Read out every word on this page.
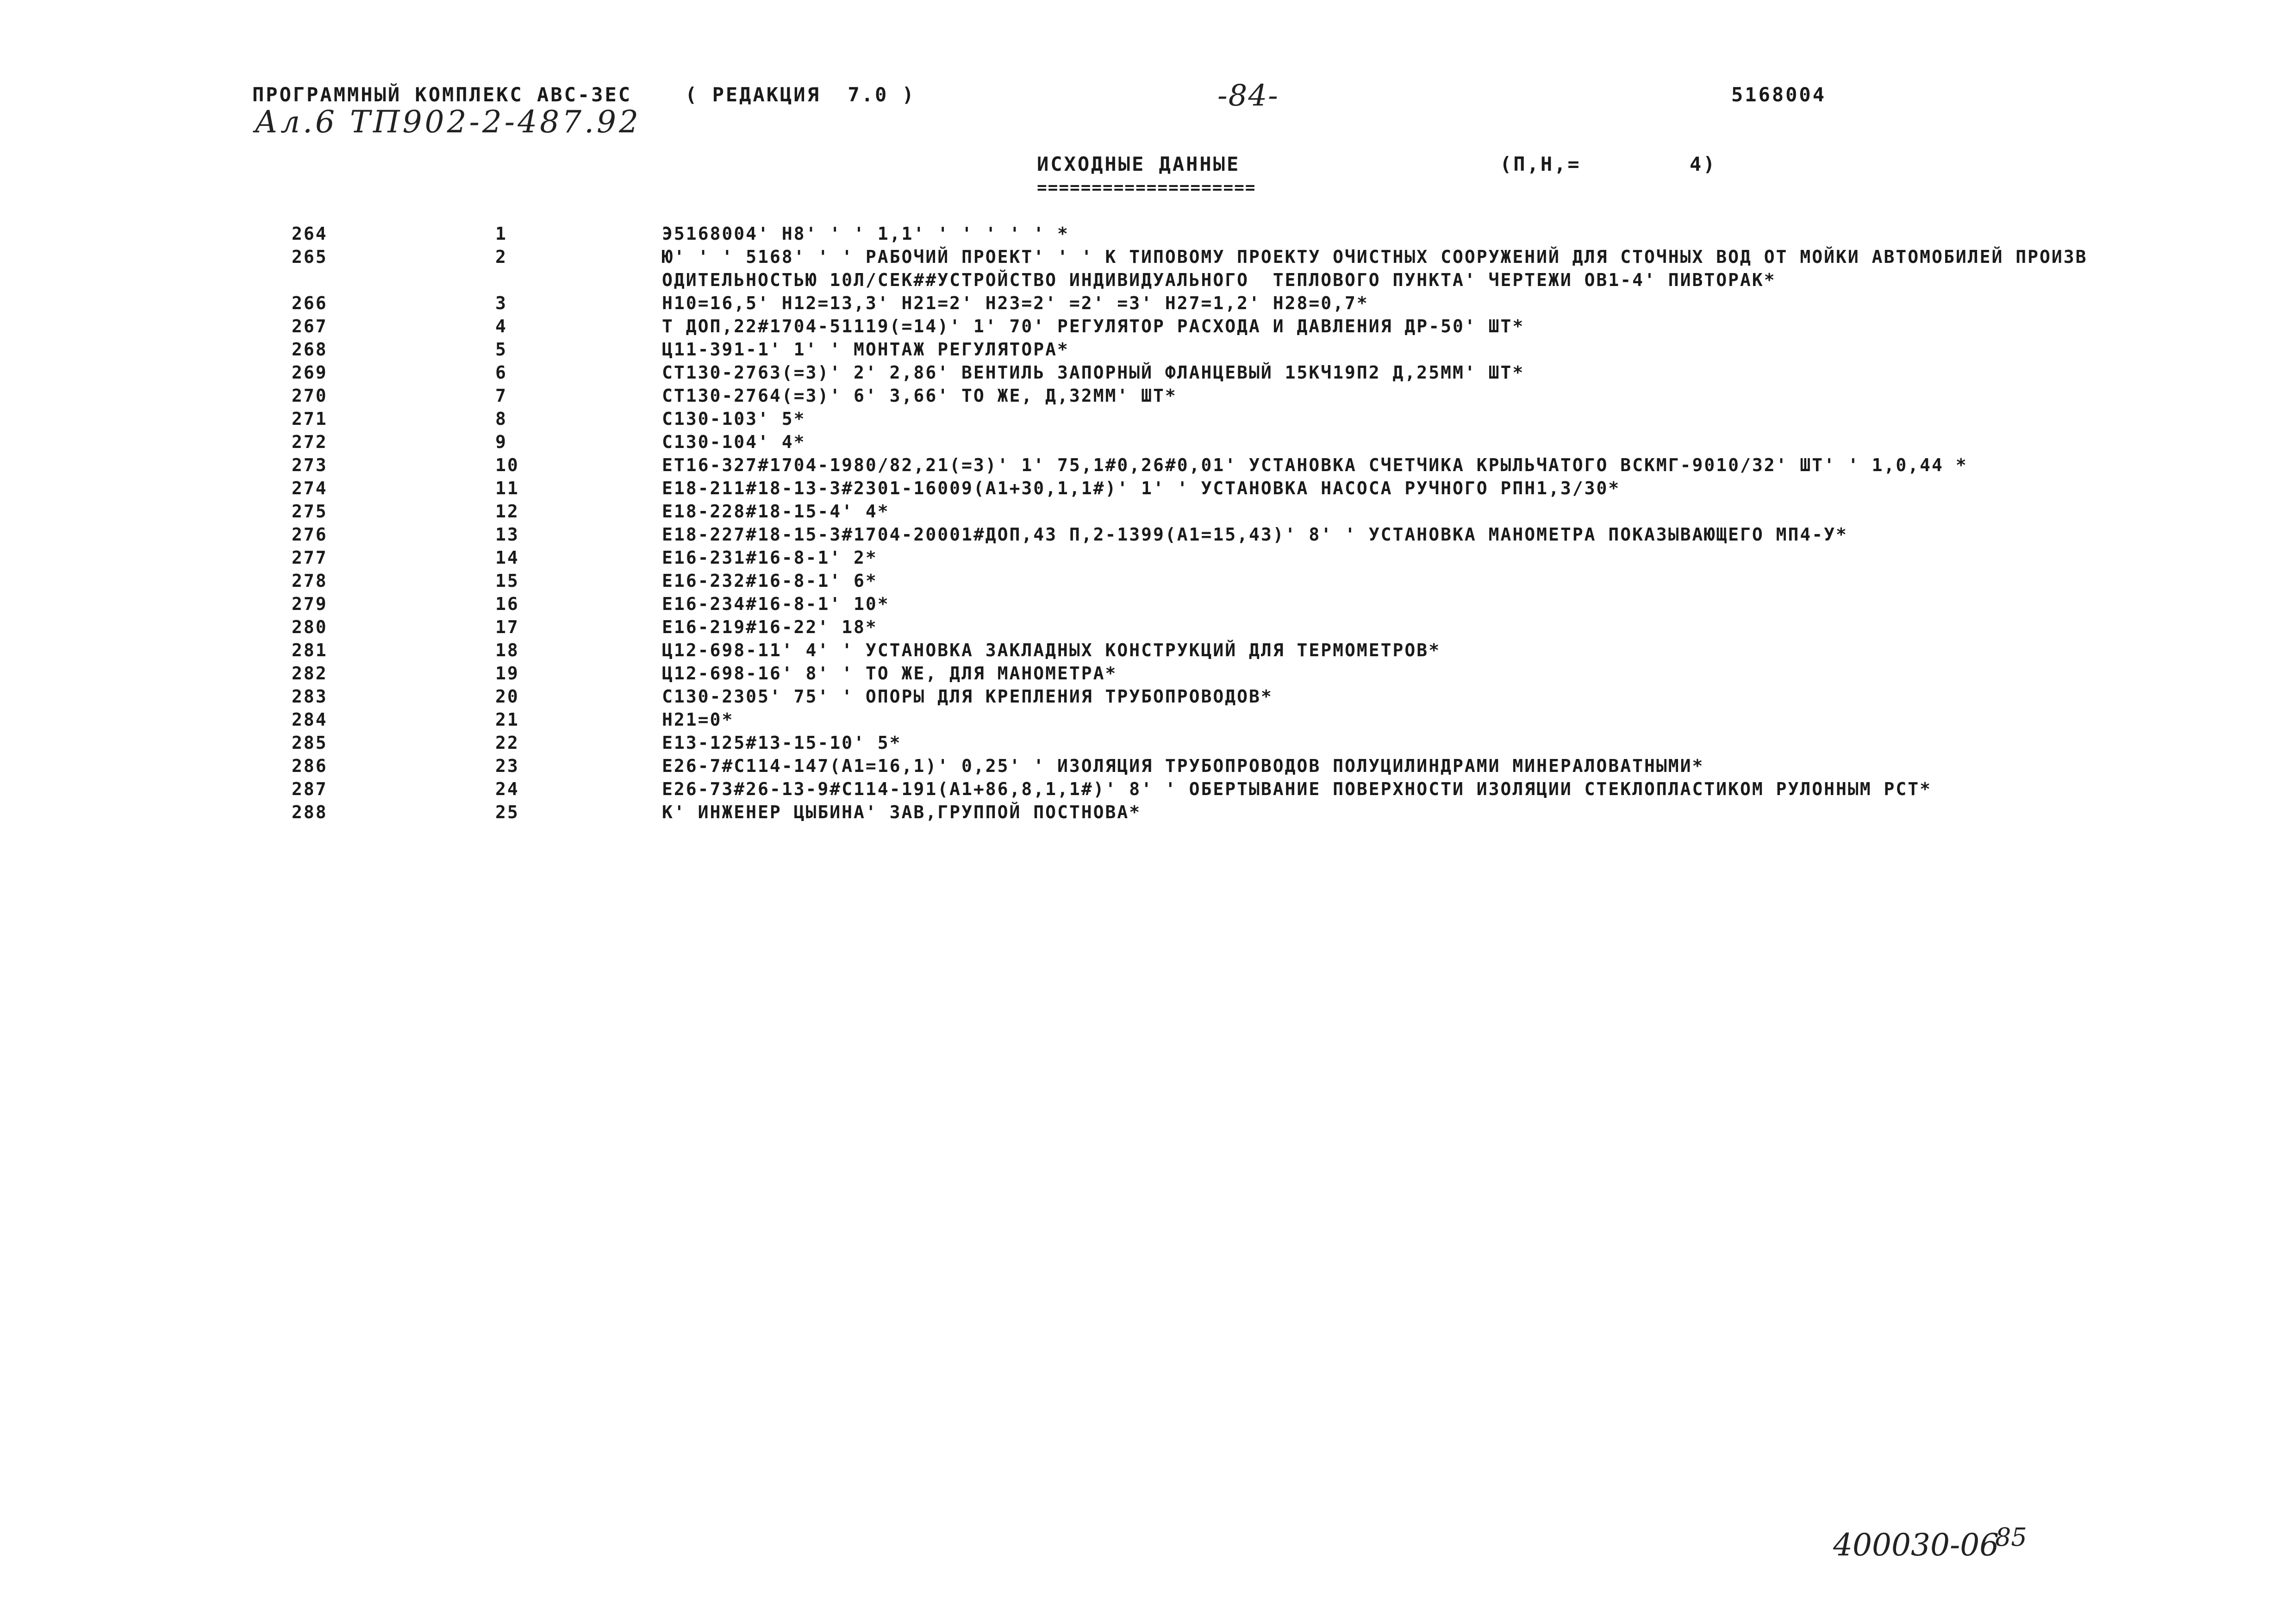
ПРОГРАММНЫЙ КОМПЛЕКС АВС-3ЕС	( РЕДАКЦИЯ  7.0 )	-84-	5168004
Ал.6 ТП902-2-487.92
ИСХОДНЫЕ ДАННЫЕ
====================
(П,Н,=        4)
264	1	Э5168004' Н8' ' ' 1,1' ' ' ' ' ' *
265	2	Ю' ' ' 5168' ' ' РАБОЧИЙ ПРОЕКТ' ' ' К ТИПОВОМУ ПРОЕКТУ ОЧИСТНЫХ СООРУЖЕНИЙ ДЛЯ СТОЧНЫХ ВОД ОТ МОЙКИ АВТОМОБИЛЕЙ ПРОИЗВОДИТЕЛЬНОСТЬЮ 10Л/СЕК##УСТРОЙСТВО ИНДИВИДУАЛЬНОГО  ТЕПЛОВОГО ПУНКТА' ЧЕРТЕЖИ ОВ1-4' ПИВТОРАК*
266	3	Н10=16,5' Н12=13,3' Н21=2' Н23=2' =2' =3' Н27=1,2' Н28=0,7*
267	4	Т ДОП,22#1704-51119(=14)' 1' 70' РЕГУЛЯТОР РАСХОДА И ДАВЛЕНИЯ ДР-50' ШТ*
268	5	Ц11-391-1' 1' ' МОНТАЖ РЕГУЛЯТОРА*
269	6	СТ130-2763(=3)' 2' 2,86' ВЕНТИЛЬ ЗАПОРНЫЙ ФЛАНЦЕВЫЙ 15КЧ19П2 Д,25ММ' ШТ*
270	7	СТ130-2764(=3)' 6' 3,66' ТО ЖЕ, Д,32ММ' ШТ*
271	8	С130-103' 5*
272	9	С130-104' 4*
273	10	ЕТ16-327#1704-1980/82,21(=3)' 1' 75,1#0,26#0,01' УСТАНОВКА СЧЕТЧИКА КРЫЛЬЧАТОГО ВСКМГ-9010/32' ШТ' ' 1,0,44 *
274	11	Е18-211#18-13-3#2301-16009(А1+30,1,1#)' 1' ' УСТАНОВКА НАСОСА РУЧНОГО РПН1,3/30*
275	12	Е18-228#18-15-4' 4*
276	13	Е18-227#18-15-3#1704-20001#ДОП,43 П,2-1399(А1=15,43)' 8' ' УСТАНОВКА МАНОМЕТРА ПОКАЗЫВАЮЩЕГО МП4-У*
277	14	Е16-231#16-8-1' 2*
278	15	Е16-232#16-8-1' 6*
279	16	Е16-234#16-8-1' 10*
280	17	Е16-219#16-22' 18*
281	18	Ц12-698-11' 4' ' УСТАНОВКА ЗАКЛАДНЫХ КОНСТРУКЦИЙ ДЛЯ ТЕРМОМЕТРОВ*
282	19	Ц12-698-16' 8' ' ТО ЖЕ, ДЛЯ МАНОМЕТРА*
283	20	С130-2305' 75' ' ОПОРЫ ДЛЯ КРЕПЛЕНИЯ ТРУБОПРОВОДОВ*
284	21	Н21=0*
285	22	Е13-125#13-15-10' 5*
286	23	Е26-7#С114-147(А1=16,1)' 0,25' ' ИЗОЛЯЦИЯ ТРУБОПРОВОДОВ ПОЛУЦИЛИНДРАМИ МИНЕРАЛОВАТНЫМИ*
287	24	Е26-73#26-13-9#С114-191(А1+86,8,1,1#)' 8' ' ОБЕРТЫВАНИЕ ПОВЕРХНОСТИ ИЗОЛЯЦИИ СТЕКЛОПЛАСТИКОМ РУЛОННЫМ РСТ*
288	25	К' ИНЖЕНЕР ЦЫБИНА' ЗАВ,ГРУППОЙ ПОСТНОВА*
400030-06
85
